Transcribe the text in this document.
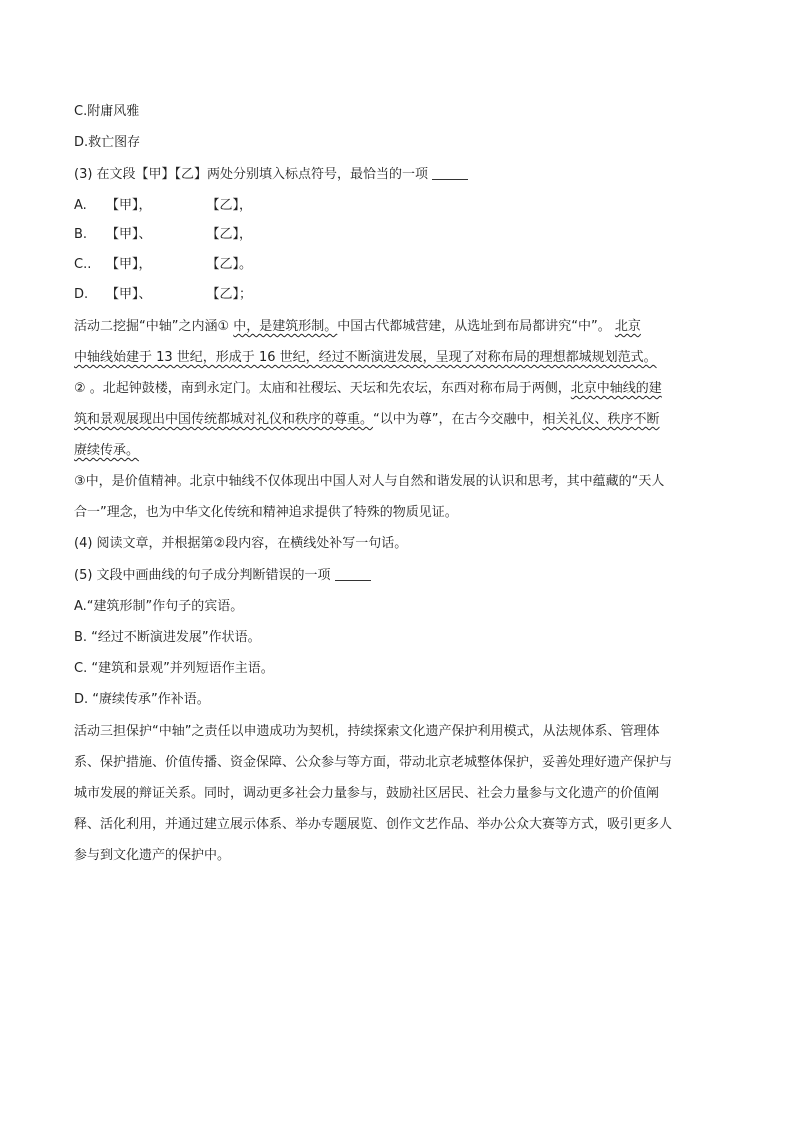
C.附庸风雅
D.救亡图存
(3) 在文段【甲】【乙】两处分别填入标点符号，最恰当的一项
A. 【甲】，	【乙】，
B. 【甲】、	【乙】，
C.. 【甲】，	【乙】。
D. 【甲】、	【乙】；
活动二挖掘“中轴”之内涵① 中，是建筑形制。中国古代都城营建，从选址到布局都讲究“中”。 北京
中轴线始建于 13 世纪，形成于 16 世纪，经过不断演进发展，呈现了对称布局的理想都城规划范式。
② 。北起钟鼓楼，南到永定门。太庙和社稷坛、天坛和先农坛，东西对称布局于两侧，北京中轴线的建
筑和景观展现出中国传统都城对礼仪和秩序的尊重。“以中为尊”，在古今交融中，相关礼仪、秩序不断
赓续传承。
③中，是价值精神。北京中轴线不仅体现出中国人对人与自然和谐发展的认识和思考，其中蕴藏的“天人
合一”理念，也为中华文化传统和精神追求提供了特殊的物质见证。
(4) 阅读文章，并根据第②段内容，在横线处补写一句话。
(5) 文段中画曲线的句子成分判断错误的一项
A.“建筑形制”作句子的宾语。
B. “经过不断演进发展”作状语。
C. “建筑和景观”并列短语作主语。
D. “赓续传承”作补语。
活动三担保护“中轴”之责任以申遗成功为契机，持续探索文化遗产保护利用模式，从法规体系、管理体
系、保护措施、价值传播、资金保障、公众参与等方面，带动北京老城整体保护，妥善处理好遗产保护与
城市发展的辩证关系。同时，调动更多社会力量参与，鼓励社区居民、社会力量参与文化遗产的价值阐
释、活化利用，并通过建立展示体系、举办专题展览、创作文艺作品、举办公众大赛等方式，吸引更多人
参与到文化遗产的保护中。
